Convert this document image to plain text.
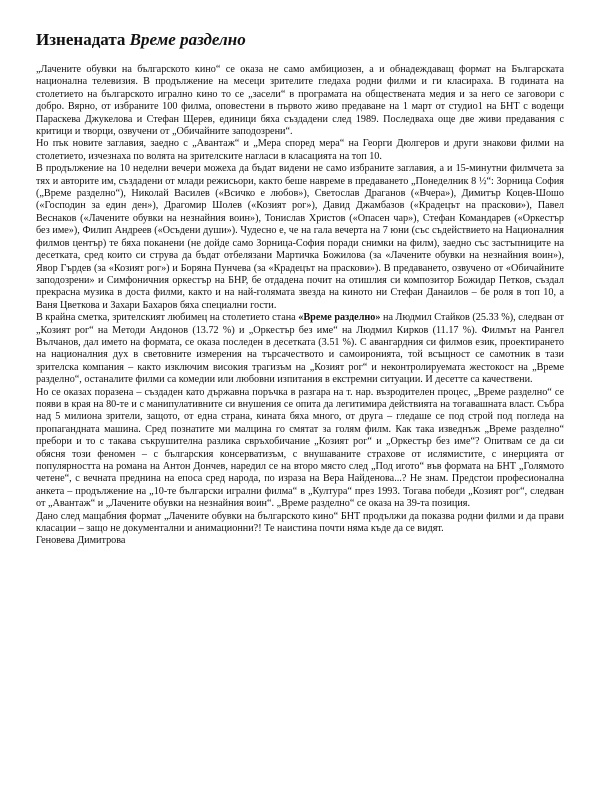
Изненадата Време разделно

„Лачените обувки на българското кино“ се оказа не само амбициозен, а и обнадеждаващ формат на Българската национална телевизия. В продължение на месеци зрителите гледаха родни филми и ги класираха. В годината на столетието на българското игрално кино то се „засели“ в програмата на обществената медия и за него се заговори с добро. Вярно, от избраните 100 филма, оповестени в първото живо предаване на 1 март от студио1 на БНТ с водещи Параскева Джукелова и Стефан Щерев, единици бяха създадени след 1989. Последваха още две живи предавания с критици и творци, озвучени от „Обичайните заподозрени“.

Но пък новите заглавия, заедно с „Авантаж“ и „Мера според мера“ на Георги Дюлгеров и други знакови филми на столетието, изчезнаха по волята на зрителските нагласи в класацията на топ 10.

В продължение на 10 неделни вечери можеха да бъдат видени не само избраните заглавия, а и 15-минутни филмчета за тях и авторите им, създадени от млади режисьори, както беше навреме в предаването „Понеделник 8 ½“: Зорница София („Време разделно“), Николай Василев («Всичко е любов»), Светослав Драганов («Вчера»), Димитър Коцев-Шошо («Господин за един ден»), Драгомир Шолев («Козият рог»), Давид Джамбазов («Крадецът на праскови»), Павел Веснаков («Лачените обувки на незнайния воин»), Тонислав Христов («Опасен чар»), Стефан Командарев («Оркестър без име»), Филип Андреев («Осъдени души»). Чудесно е, че на гала вечерта на 7 юни (със съдействието на Националния филмов център) те бяха поканени (не дойде само Зорница-София поради снимки на филм), заедно със застъпниците на десетката, сред които си струва да бъдат отбелязани Мартичка Божилова (за «Лачените обувки на незнайния воин»), Явор Гърдев (за «Козият рог») и Боряна Пунчева (за «Крадецът на праскови»). В предаването, озвучено от «Обичайните заподозрени» и Симфоничния оркестър на БНР, бе отдадена почит на отишлия си композитор Божидар Петков, създал прекрасна музика в доста филми, както и на най-голямата звезда на киното ни Стефан Данаилов – бе роля в топ 10, а Ваня Цветкова и Захари Бахаров бяха специални гости.

В крайна сметка, зрителският любимец на столетието стана «Време разделно» на Людмил Стайков (25.33 %), следван от „Козият рог“ на Методи Андонов (13.72 %) и „Оркестър без име“ на Людмил Кирков (11.17 %). Филмът на Рангел Вълчанов, дал името на формата, се оказа последен в десетката (3.51 %). С авангардния си филмов език, проектирането на националния дух в световните измерения на търсачеството и самоиронията, той всъщност се самотник в тази зрителска компания – както изключим високия трагизъм на „Козият рог“ и неконтролируемата жестокост на „Време разделно“, останалите филми са комедии или любовни изпитания в екстремни ситуации. И десетте са качествени.

Но се оказах поразена – създаден като държавна поръчка в разгара на т. нар. възродителен процес, „Време разделно“ се появи в края на 80-те и с манипулативните си внушения се опита да легитимира действията на тогавашната власт. Събра над 5 милиона зрители, защото, от една страна, кината бяха много, от друга – гледаше се под строй под погледа на пропагандната машина. Сред познатите ми малцина го смятат за голям филм. Как така изведнъж „Време разделно“ пребори и то с такава съкрушителна разлика свръхобичание „Козият рог“ и „Оркестър без име“? Опитвам се да си обясня този феномен – с българския консерватизъм, с внушаваните страхове от ислямистите, с инерцията от популярността на романа на Антон Дончев, наредил се на второ място след „Под игото“ във формата на БНТ „Голямото четене“, с вечната преднина на епоса сред народа, по израза на Вера Найденова...? Не знам. Предстои професионална анкета – продължение на „10-те български игрални филма“ в „Култура“ през 1993. Тогава победи „Козият рог“, следван от „Авантаж“ и „Лачените обувки на незнайния воин“. „Време разделно“ се оказа на 39-та позиция.

Дано след мащабния формат „Лачените обувки на българското кино“ БНТ продължи да показва родни филми и да прави класации – защо не документални и анимационни?! Те наистина почти няма къде да се видят.

Геновева Димитрова
